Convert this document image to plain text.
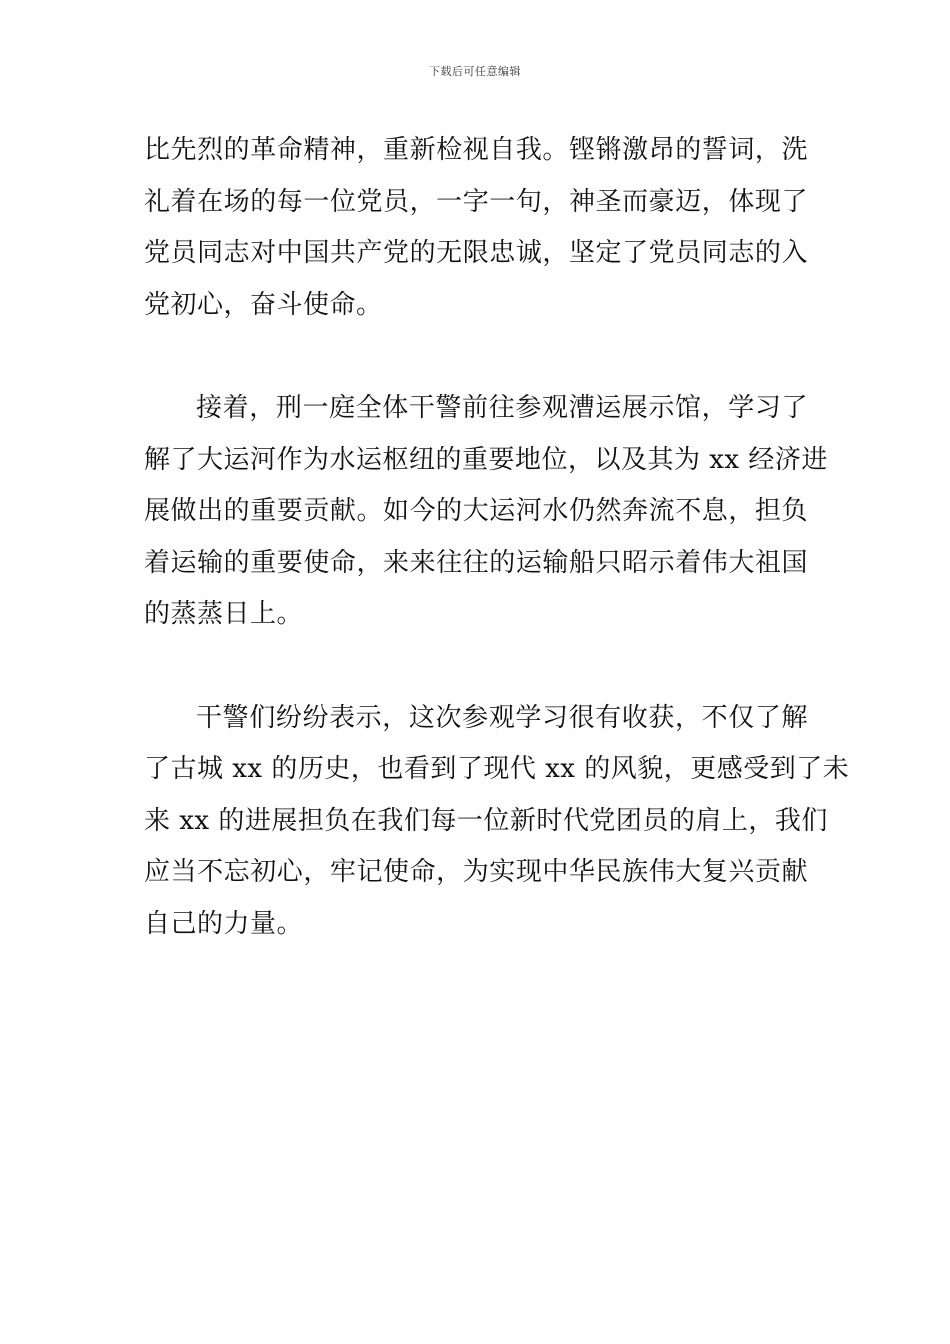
下载后可任意编辑
比先烈的革命精神，重新检视自我。铿锵激昂的誓词，洗
礼着在场的每一位党员，一字一句，神圣而豪迈，体现了
党员同志对中国共产党的无限忠诚，坚定了党员同志的入
党初心，奋斗使命。
接着，刑一庭全体干警前往参观漕运展示馆，学习了
解了大运河作为水运枢纽的重要地位，以及其为 xx 经济进
展做出的重要贡献。如今的大运河水仍然奔流不息，担负
着运输的重要使命，来来往往的运输船只昭示着伟大祖国
的蒸蒸日上。
干警们纷纷表示，这次参观学习很有收获，不仅了解
了古城 xx 的历史，也看到了现代 xx 的风貌，更感受到了未
来 xx 的进展担负在我们每一位新时代党团员的肩上，我们
应当不忘初心，牢记使命，为实现中华民族伟大复兴贡献
自己的力量。
